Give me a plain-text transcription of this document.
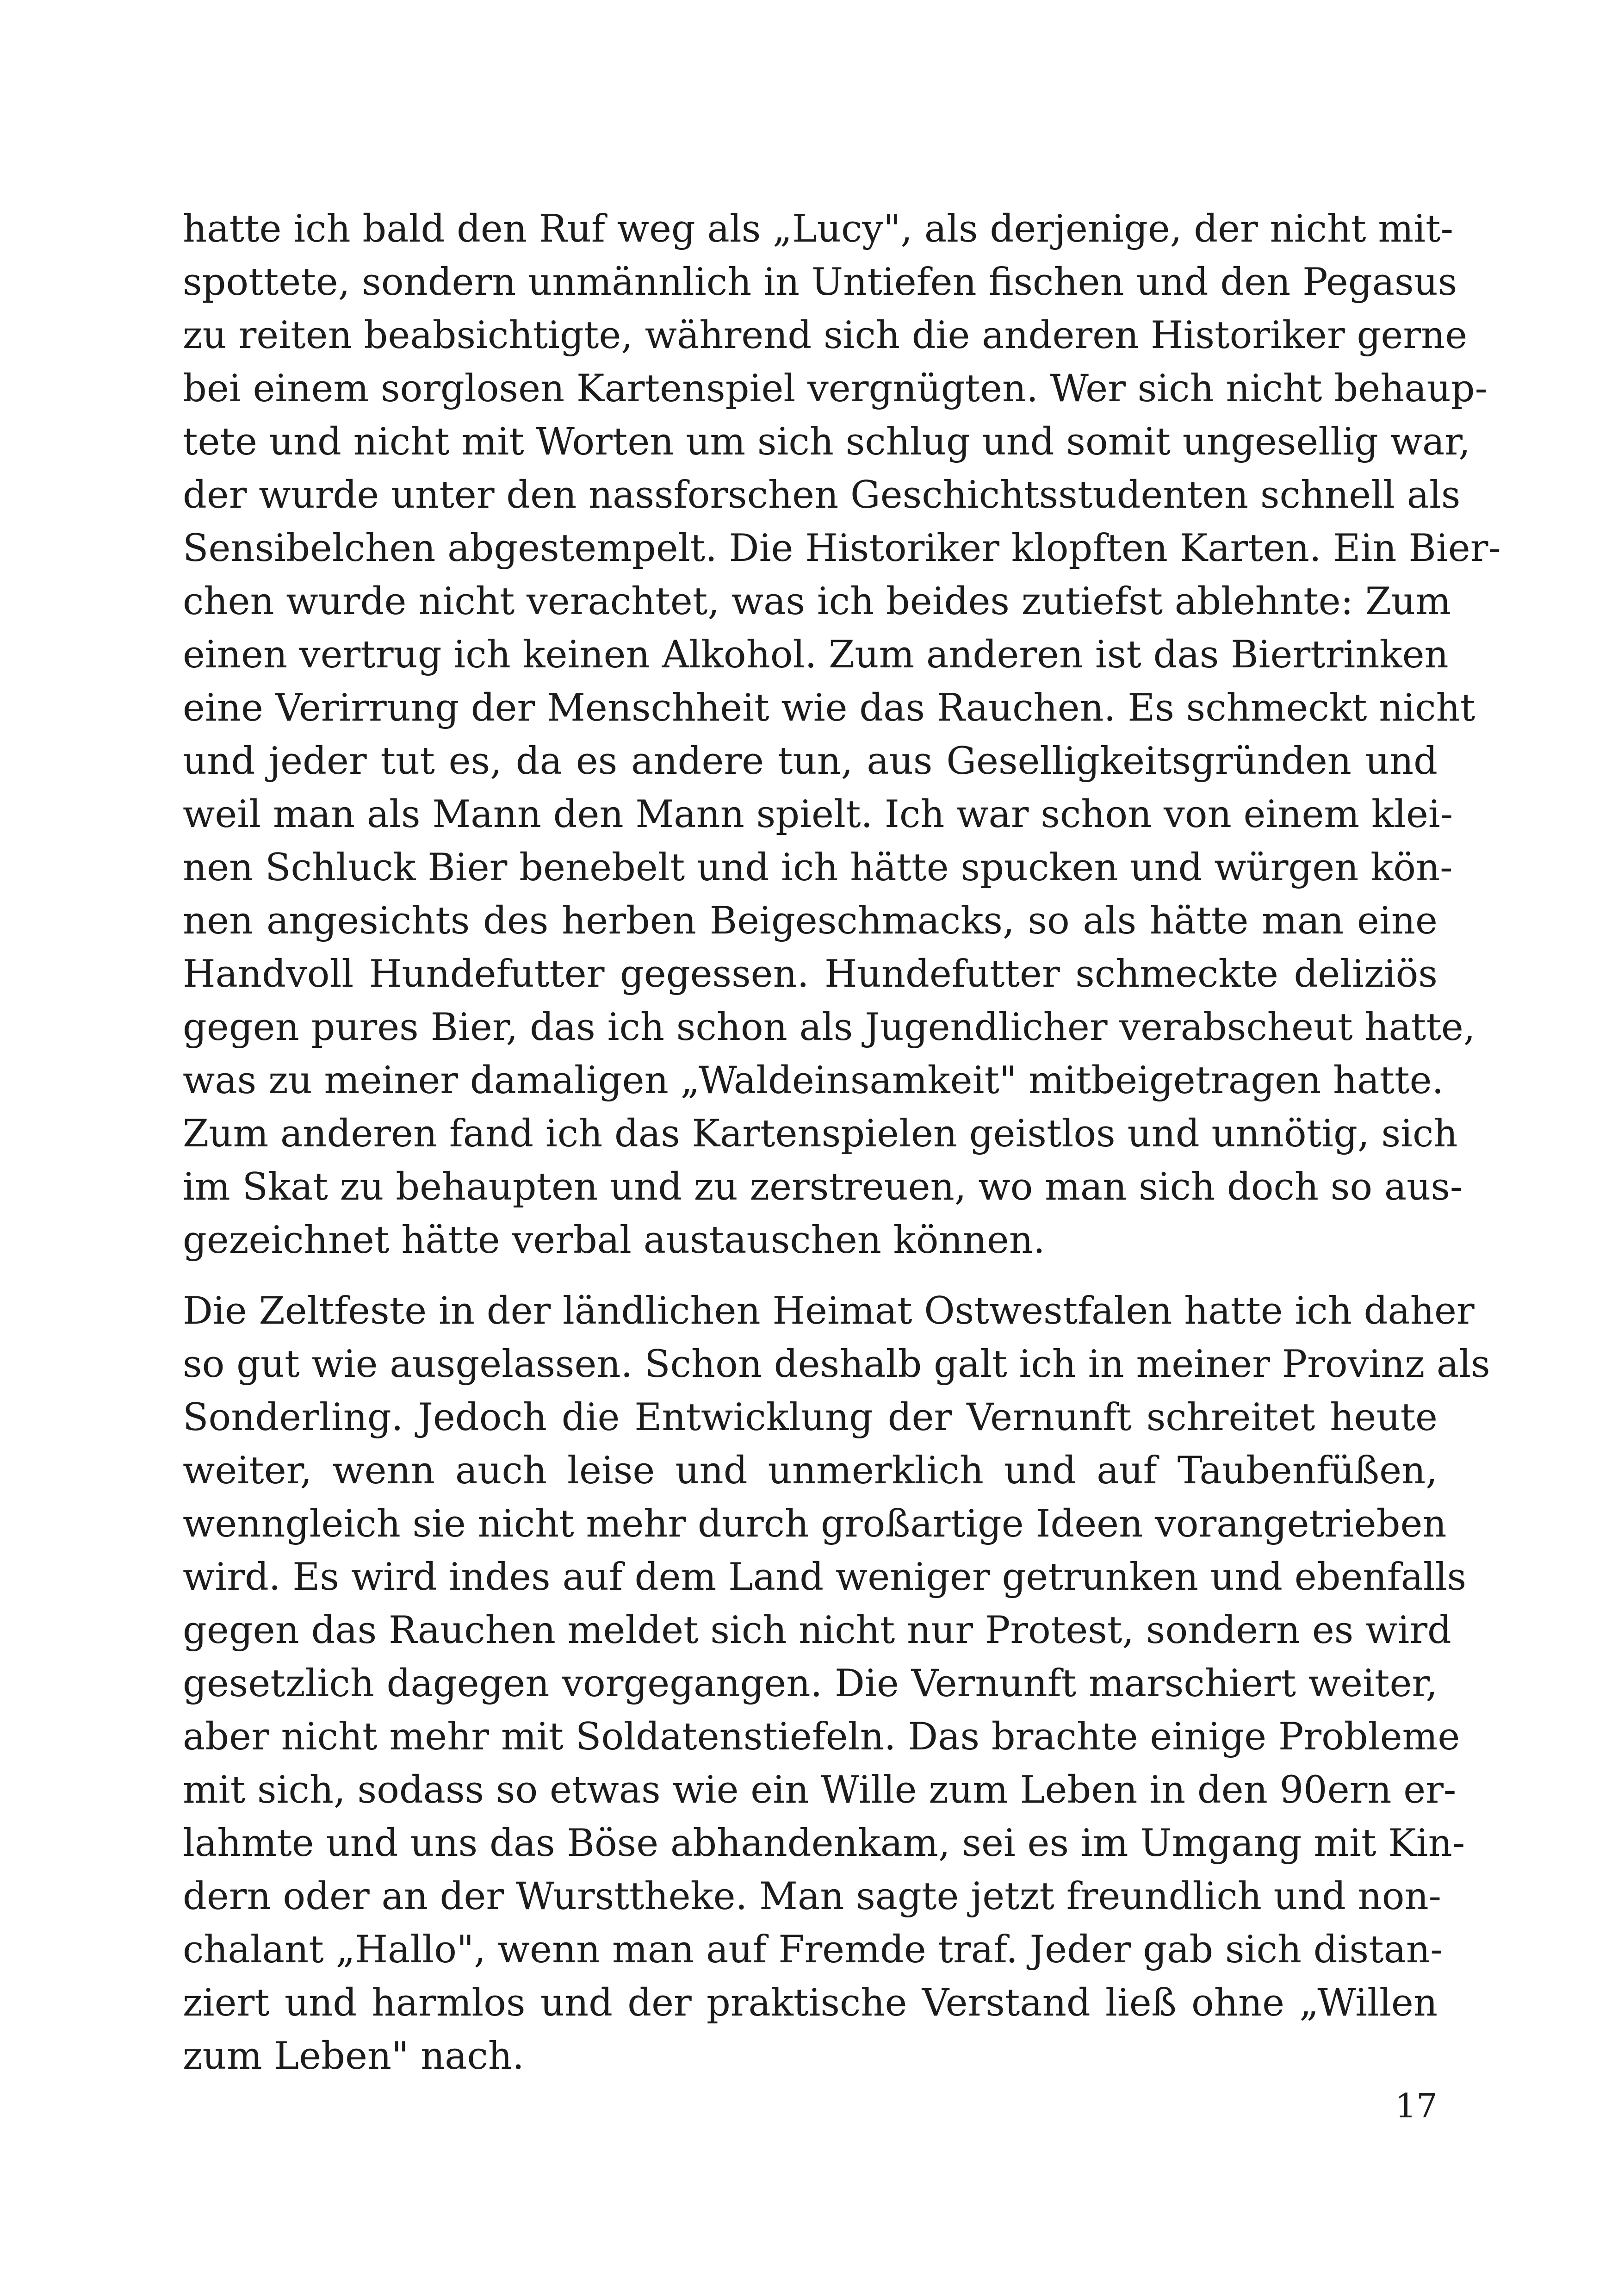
hatte ich bald den Ruf weg als „Lucy", als derjenige, der nicht mit-
spottete, sondern unmännlich in Untiefen fischen und den Pegasus
zu reiten beabsichtigte, während sich die anderen Historiker gerne
bei einem sorglosen Kartenspiel vergnügten. Wer sich nicht behaup-
tete und nicht mit Worten um sich schlug und somit ungesellig war,
der wurde unter den nassforschen Geschichtsstudenten schnell als
Sensibelchen abgestempelt. Die Historiker klopften Karten. Ein Bier-
chen wurde nicht verachtet, was ich beides zutiefst ablehnte: Zum
einen vertrug ich keinen Alkohol. Zum anderen ist das Biertrinken
eine Verirrung der Menschheit wie das Rauchen. Es schmeckt nicht
und jeder tut es, da es andere tun, aus Geselligkeitsgründen und
weil man als Mann den Mann spielt. Ich war schon von einem klei-
nen Schluck Bier benebelt und ich hätte spucken und würgen kön-
nen angesichts des herben Beigeschmacks, so als hätte man eine
Handvoll Hundefutter gegessen. Hundefutter schmeckte deliziös
gegen pures Bier, das ich schon als Jugendlicher verabscheut hatte,
was zu meiner damaligen „Waldeinsamkeit" mitbeigetragen hatte.
Zum anderen fand ich das Kartenspielen geistlos und unnötig, sich
im Skat zu behaupten und zu zerstreuen, wo man sich doch so aus-
gezeichnet hätte verbal austauschen können.
Die Zeltfeste in der ländlichen Heimat Ostwestfalen hatte ich daher
so gut wie ausgelassen. Schon deshalb galt ich in meiner Provinz als
Sonderling. Jedoch die Entwicklung der Vernunft schreitet heute
weiter, wenn auch leise und unmerklich und auf Taubenfüßen,
wenngleich sie nicht mehr durch großartige Ideen vorangetrieben
wird. Es wird indes auf dem Land weniger getrunken und ebenfalls
gegen das Rauchen meldet sich nicht nur Protest, sondern es wird
gesetzlich dagegen vorgegangen. Die Vernunft marschiert weiter,
aber nicht mehr mit Soldatenstiefeln. Das brachte einige Probleme
mit sich, sodass so etwas wie ein Wille zum Leben in den 90ern er-
lahmte und uns das Böse abhandenkam, sei es im Umgang mit Kin-
dern oder an der Wursttheke. Man sagte jetzt freundlich und non-
chalant „Hallo", wenn man auf Fremde traf. Jeder gab sich distan-
ziert und harmlos und der praktische Verstand ließ ohne „Willen
zum Leben" nach.
17
